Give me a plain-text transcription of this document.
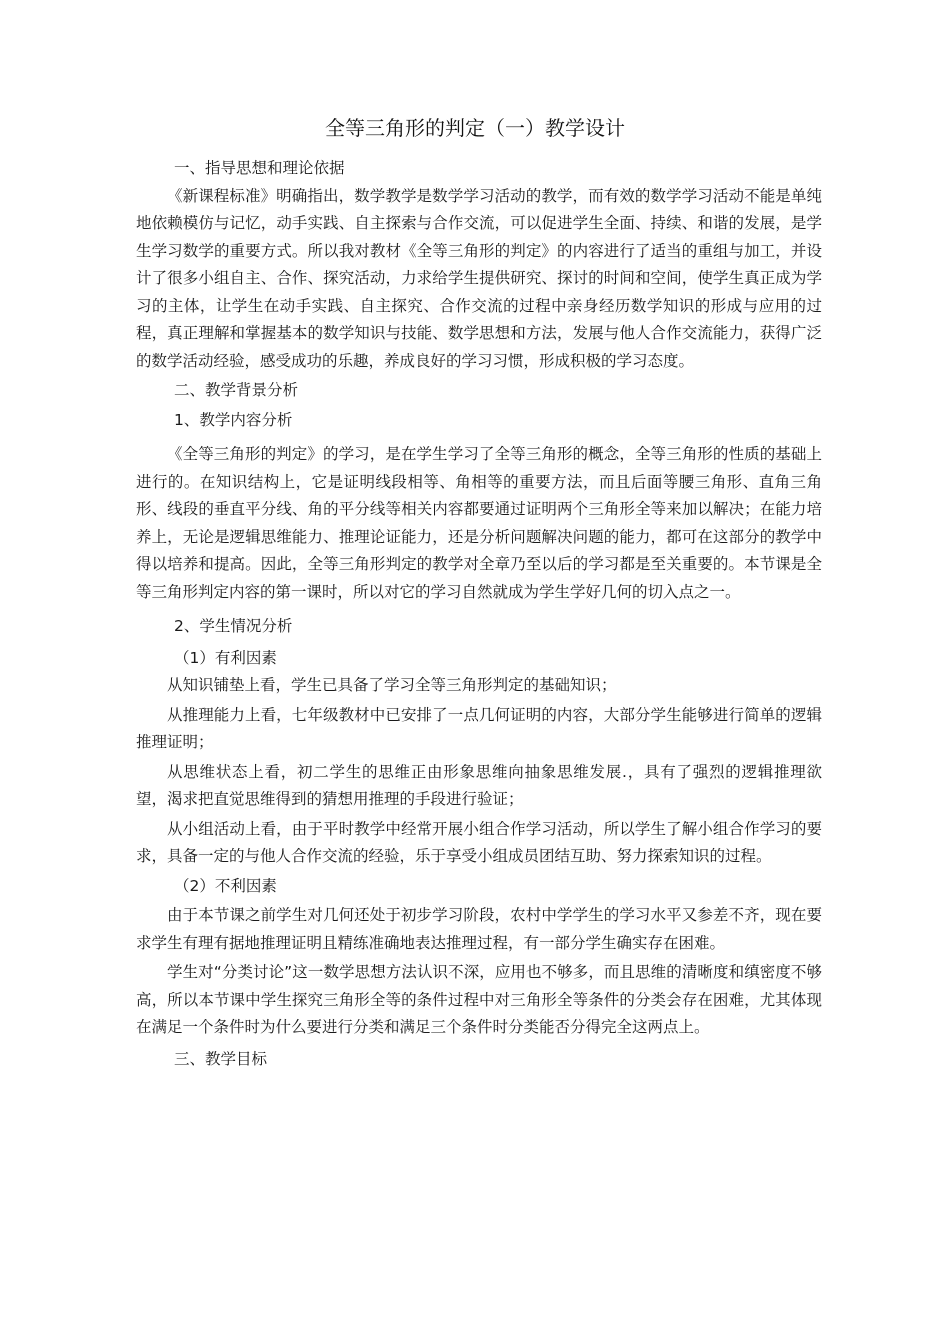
全等三角形的判定（一）教学设计

一、指导思想和理论依据

《新课程标准》明确指出，数学教学是数学学习活动的教学，而有效的数学学习活动不能是单纯地依赖模仿与记忆，动手实践、自主探索与合作交流，可以促进学生全面、持续、和谐的发展，是学生学习数学的重要方式。所以我对教材《全等三角形的判定》的内容进行了适当的重组与加工，并设计了很多小组自主、合作、探究活动，力求给学生提供研究、探讨的时间和空间，使学生真正成为学习的主体，让学生在动手实践、自主探究、合作交流的过程中亲身经历数学知识的形成与应用的过程，真正理解和掌握基本的数学知识与技能、数学思想和方法，发展与他人合作交流能力，获得广泛的数学活动经验，感受成功的乐趣，养成良好的学习习惯，形成积极的学习态度。

二、教学背景分析

1、教学内容分析

《全等三角形的判定》的学习，是在学生学习了全等三角形的概念，全等三角形的性质的基础上进行的。在知识结构上，它是证明线段相等、角相等的重要方法，而且后面等腰三角形、直角三角形、线段的垂直平分线、角的平分线等相关内容都要通过证明两个三角形全等来加以解决；在能力培养上，无论是逻辑思维能力、推理论证能力，还是分析问题解决问题的能力，都可在这部分的教学中得以培养和提高。因此，全等三角形判定的教学对全章乃至以后的学习都是至关重要的。本节课是全等三角形判定内容的第一课时，所以对它的学习自然就成为学生学好几何的切入点之一。

2、学生情况分析

（1）有利因素

从知识铺垫上看，学生已具备了学习全等三角形判定的基础知识；

从推理能力上看，七年级教材中已安排了一点几何证明的内容，大部分学生能够进行简单的逻辑推理证明；

从思维状态上看，初二学生的思维正由形象思维向抽象思维发展.，具有了强烈的逻辑推理欲望，渴求把直觉思维得到的猜想用推理的手段进行验证；

从小组活动上看，由于平时教学中经常开展小组合作学习活动，所以学生了解小组合作学习的要求，具备一定的与他人合作交流的经验，乐于享受小组成员团结互助、努力探索知识的过程。

（2）不利因素

由于本节课之前学生对几何还处于初步学习阶段，农村中学学生的学习水平又参差不齐，现在要求学生有理有据地推理证明且精练准确地表达推理过程，有一部分学生确实存在困难。

学生对“分类讨论”这一数学思想方法认识不深，应用也不够多，而且思维的清晰度和缜密度不够高，所以本节课中学生探究三角形全等的条件过程中对三角形全等条件的分类会存在困难，尤其体现在满足一个条件时为什么要进行分类和满足三个条件时分类能否分得完全这两点上。

三、教学目标
